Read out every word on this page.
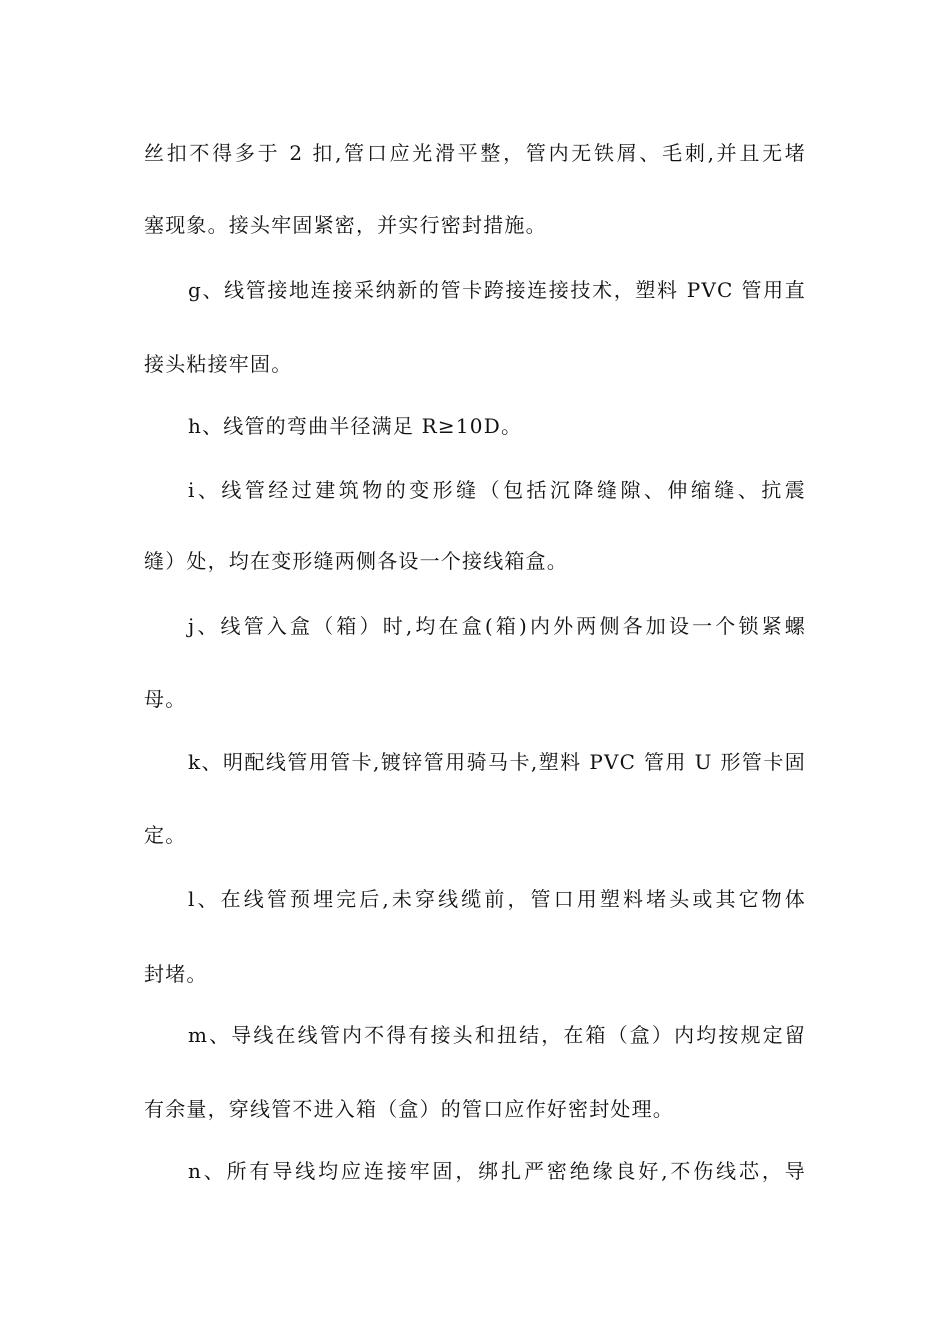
丝扣不得多于 2 扣,管口应光滑平整，管内无铁屑、毛刺,并且无堵
塞现象。接头牢固紧密，并实行密封措施。
g、线管接地连接采纳新的管卡跨接连接技术，塑料 PVC 管用直
接头粘接牢固。
h、线管的弯曲半径满足 R≥10D。
i、线管经过建筑物的变形缝（包括沉降缝隙、伸缩缝、抗震
缝）处，均在变形缝两侧各设一个接线箱盒。
j、线管入盒（箱）时,均在盒(箱)内外两侧各加设一个锁紧螺
母。
k、明配线管用管卡,镀锌管用骑马卡,塑料 PVC 管用 U 形管卡固
定。
l、在线管预埋完后,未穿线缆前，管口用塑料堵头或其它物体
封堵。
m、导线在线管内不得有接头和扭结，在箱（盒）内均按规定留
有余量，穿线管不进入箱（盒）的管口应作好密封处理。
n、所有导线均应连接牢固，绑扎严密绝缘良好,不伤线芯，导
